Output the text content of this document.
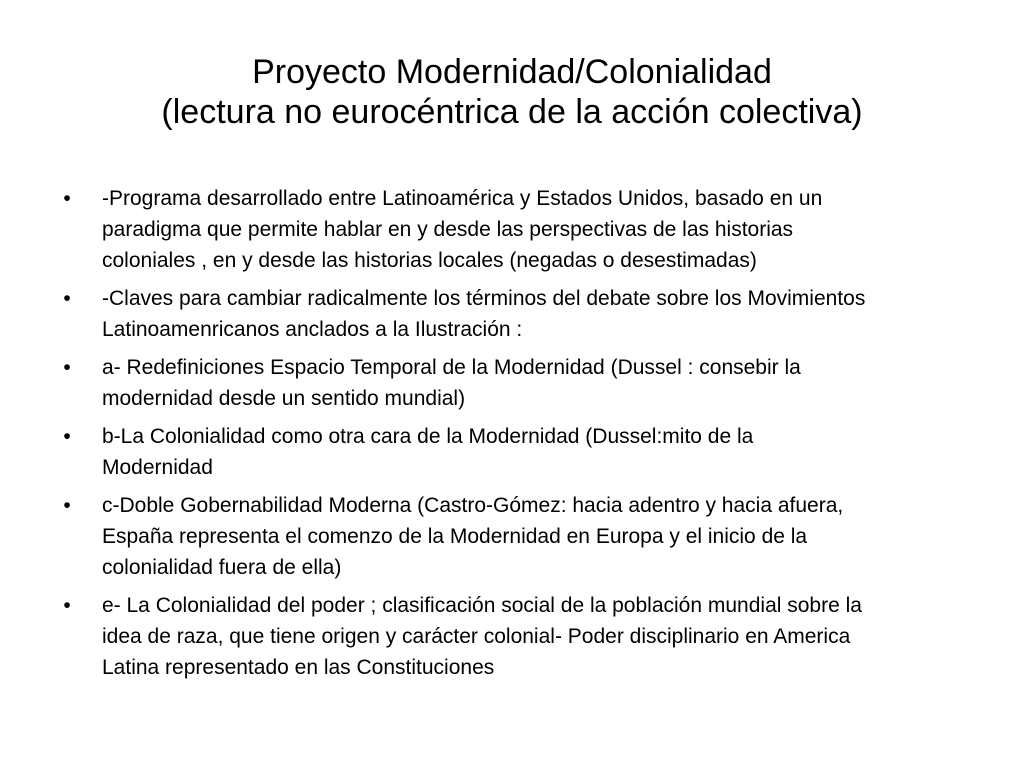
Proyecto Modernidad/Colonialidad
(lectura no eurocéntrica de la acción colectiva)
• -Programa desarrollado entre Latinoamérica y Estados Unidos, basado en un
paradigma que permite hablar en y desde las perspectivas de las historias
coloniales , en y desde las historias locales (negadas o desestimadas)
• -Claves para cambiar radicalmente los términos del debate sobre los Movimientos
Latinoamenricanos anclados a la Ilustración :
• a- Redefiniciones Espacio Temporal de la Modernidad (Dussel : consebir la
modernidad desde un sentido mundial)
• b-La Colonialidad como otra cara de la Modernidad (Dussel:mito de la
Modernidad
• c-Doble Gobernabilidad Moderna (Castro-Gómez: hacia adentro y hacia afuera,
España representa el comenzo de la Modernidad en Europa y el inicio de la
colonialidad fuera de ella)
• e- La Colonialidad del poder ; clasificación social de la población mundial sobre la
idea de raza, que tiene origen y carácter colonial- Poder disciplinario en America
Latina representado en las Constituciones
